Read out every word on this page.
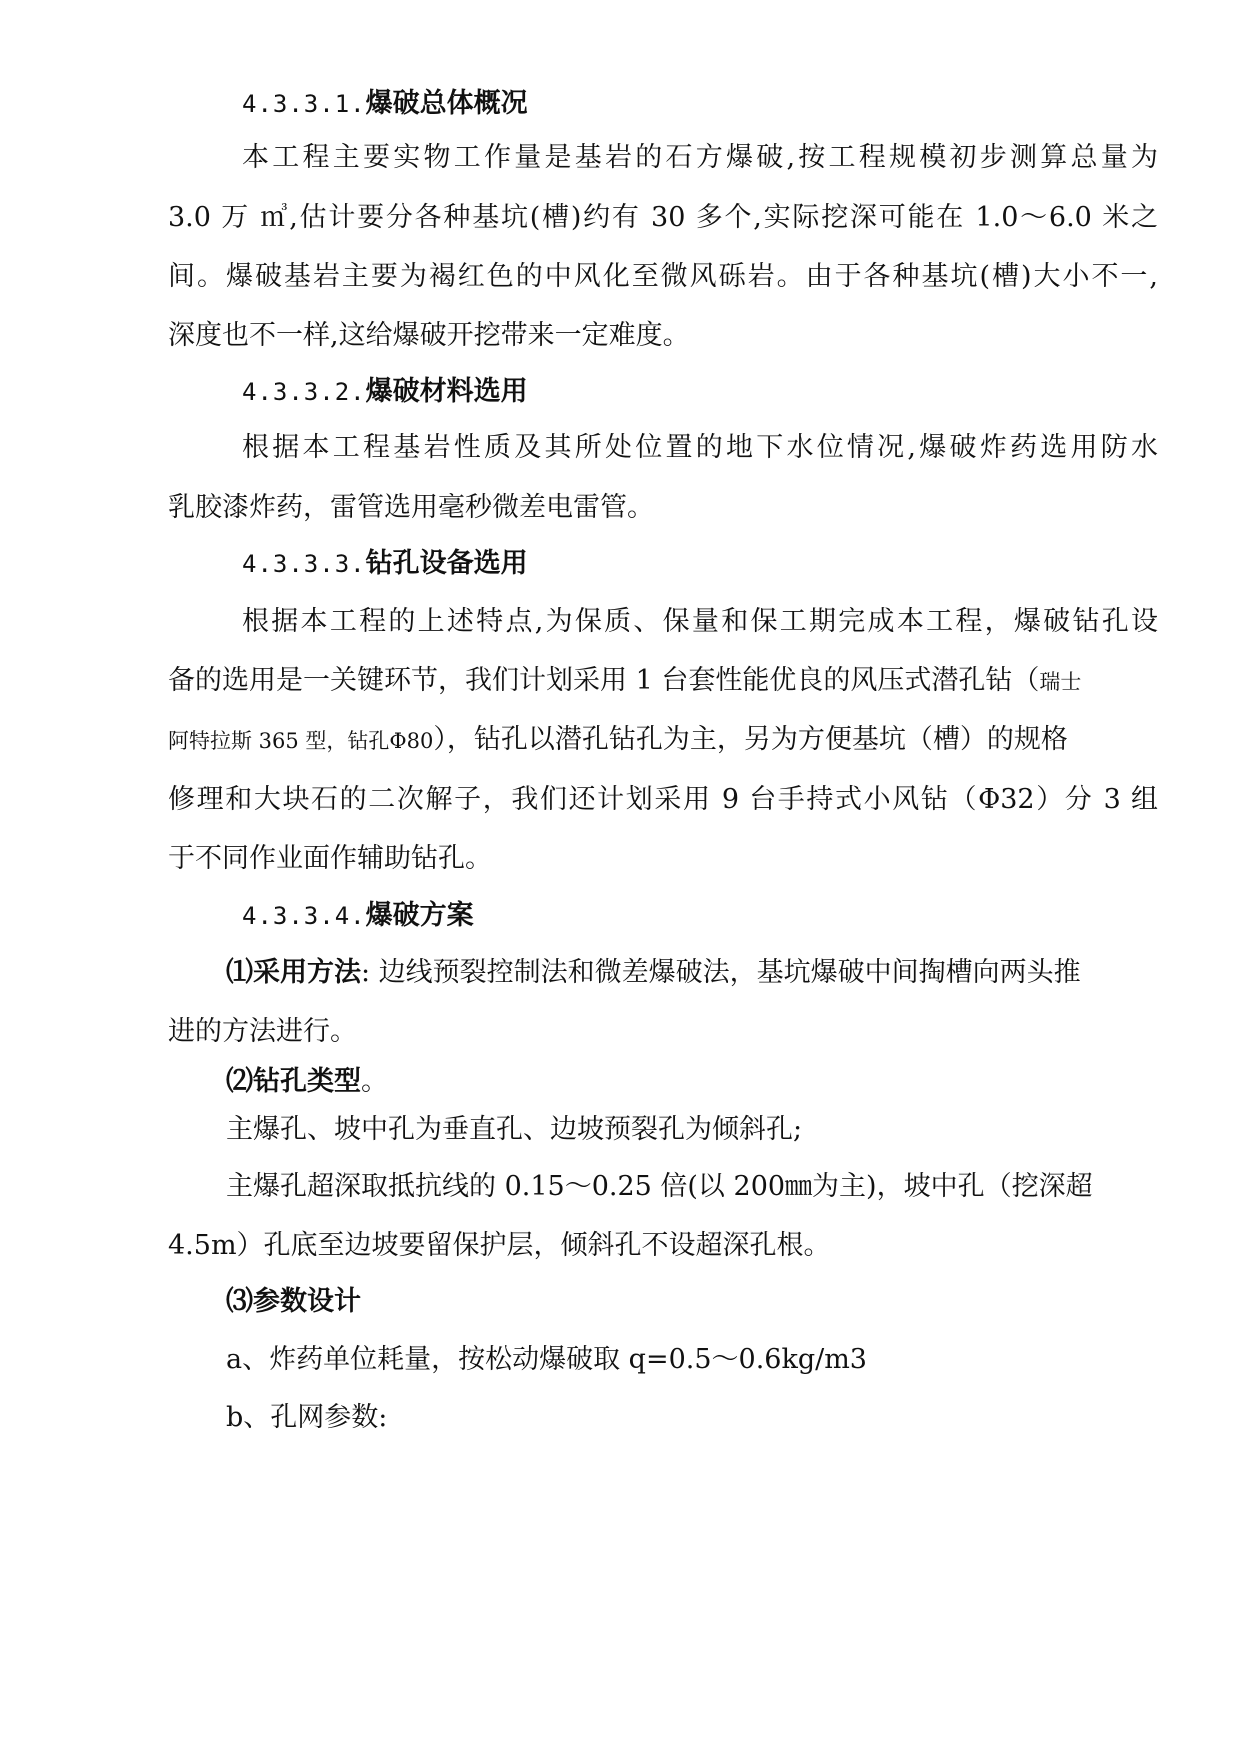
4.3.3.1.爆破总体概况
本工程主要实物工作量是基岩的石方爆破,按工程规模初步测算总量为
3.0 万 ㎥,估计要分各种基坑(槽)约有 30 多个,实际挖深可能在 1.0～6.0 米之
间。爆破基岩主要为褐红色的中风化至微风砾岩。由于各种基坑(槽)大小不一,
深度也不一样,这给爆破开挖带来一定难度。
4.3.3.2.爆破材料选用
根据本工程基岩性质及其所处位置的地下水位情况,爆破炸药选用防水
乳胶漆炸药，雷管选用毫秒微差电雷管。
4.3.3.3.钻孔设备选用
根据本工程的上述特点,为保质、保量和保工期完成本工程，爆破钻孔设
备的选用是一关键环节，我们计划采用 1 台套性能优良的风压式潜孔钻（瑞士
阿特拉斯 365 型，钻孔Φ80），钻孔以潜孔钻孔为主，另为方便基坑（槽）的规格
修理和大块石的二次解子，我们还计划采用 9 台手持式小风钻（Φ32）分 3 组
于不同作业面作辅助钻孔。
4.3.3.4.爆破方案
⑴采用方法: 边线预裂控制法和微差爆破法，基坑爆破中间掏槽向两头推
进的方法进行。
⑵钻孔类型。
主爆孔、坡中孔为垂直孔、边坡预裂孔为倾斜孔;
主爆孔超深取抵抗线的 0.15～0.25 倍(以 200㎜为主)，坡中孔（挖深超
4.5m）孔底至边坡要留保护层，倾斜孔不设超深孔根。
⑶参数设计
a、炸药单位耗量，按松动爆破取 q=0.5～0.6kg/m3
b、孔网参数:
